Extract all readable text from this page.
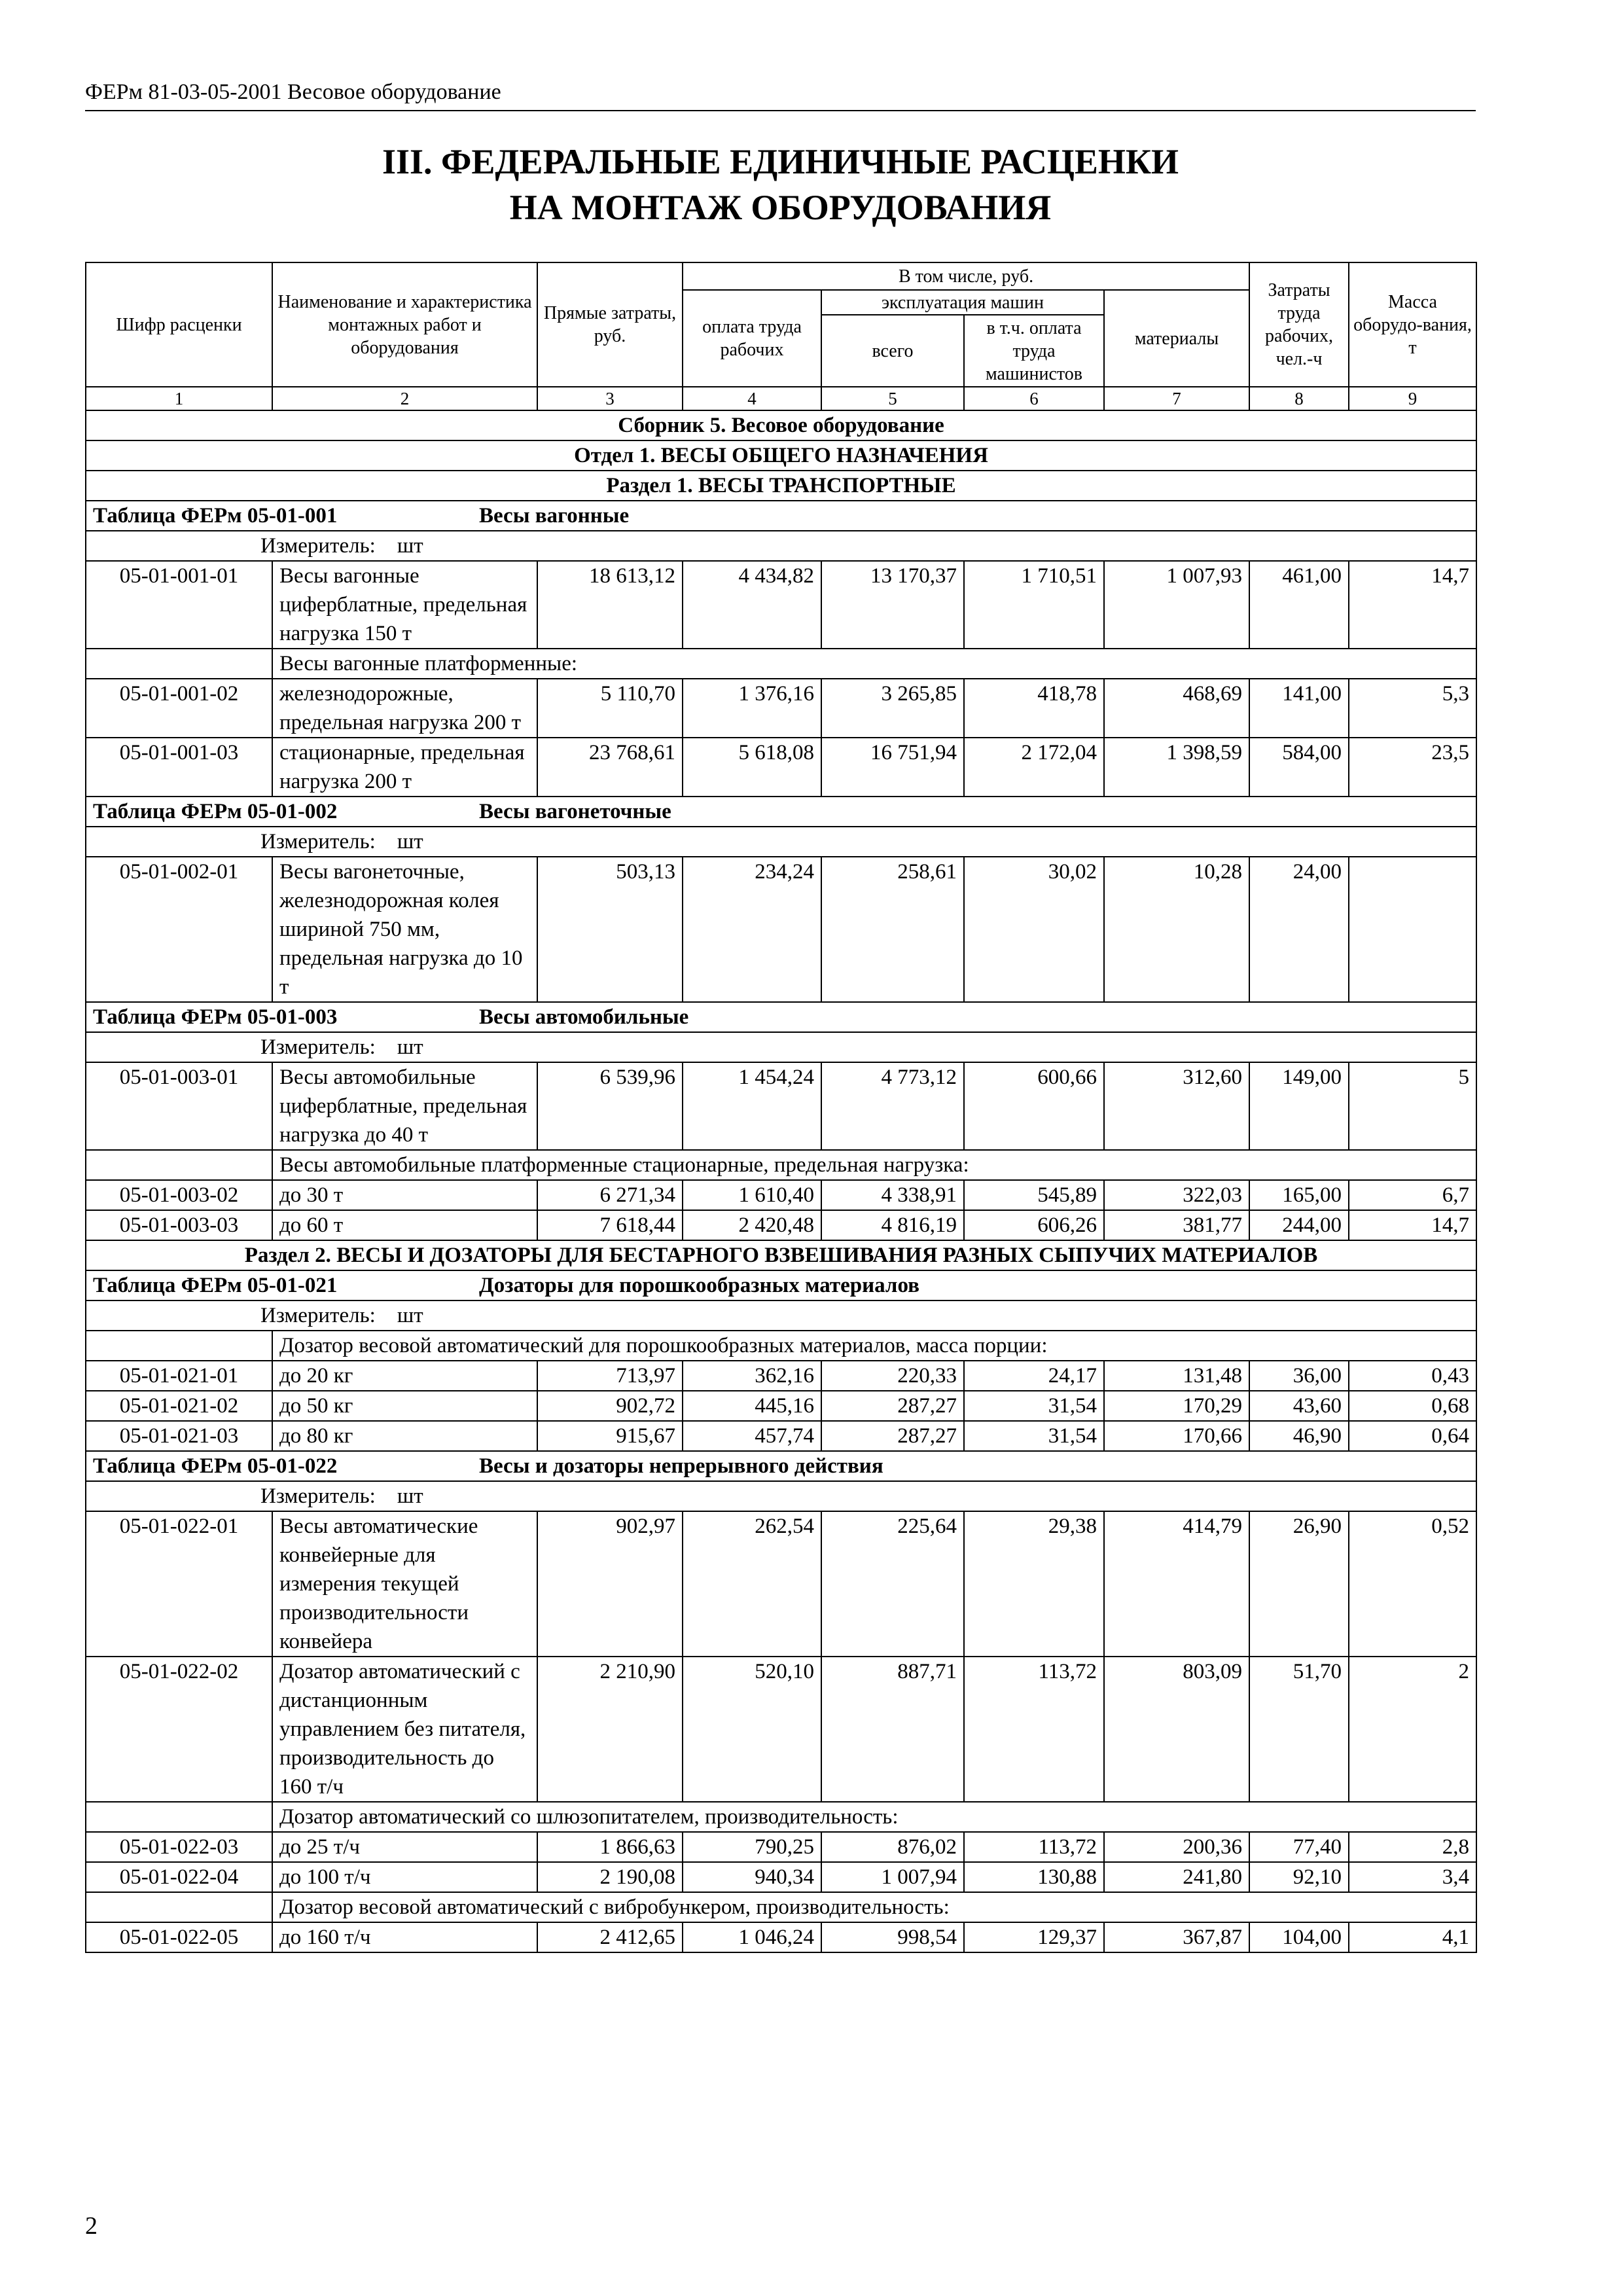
ФЕРм 81-03-05-2001 Весовое оборудование
III. ФЕДЕРАЛЬНЫЕ ЕДИНИЧНЫЕ РАСЦЕНКИ
НА МОНТАЖ ОБОРУДОВАНИЯ
Шифр расценки	Наименование и характеристика монтажных работ и оборудования	Прямые затраты, руб.	В том числе, руб.				Затраты труда рабочих, чел.-ч	Масса оборудо-вания, т
			оплата труда рабочих	эксплуатация машин		материалы		
				всего	в т.ч. оплата труда машинистов			
1	2	3	4	5	6	7	8	9
Сборник 5. Весовое оборудование								
Отдел 1. ВЕСЫ ОБЩЕГО НАЗНАЧЕНИЯ								
Раздел 1. ВЕСЫ ТРАНСПОРТНЫЕ								
Таблица ФЕРм 05-01-001 Весы вагонные								
Измеритель: шт								
05-01-001-01	Весы вагонные циферблатные, предельная нагрузка 150 т	18 613,12	4 434,82	13 170,37	1 710,51	1 007,93	461,00	14,7
	Весы вагонные платформенные:							
05-01-001-02	железнодорожные, предельная нагрузка 200 т	5 110,70	1 376,16	3 265,85	418,78	468,69	141,00	5,3
05-01-001-03	стационарные, предельная нагрузка 200 т	23 768,61	5 618,08	16 751,94	2 172,04	1 398,59	584,00	23,5
Таблица ФЕРм 05-01-002 Весы вагонеточные								
Измеритель: шт								
05-01-002-01	Весы вагонеточные, железнодорожная колея шириной 750 мм, предельная нагрузка до 10 т	503,13	234,24	258,61	30,02	10,28	24,00	
Таблица ФЕРм 05-01-003 Весы автомобильные								
Измеритель: шт								
05-01-003-01	Весы автомобильные циферблатные, предельная нагрузка до 40 т	6 539,96	1 454,24	4 773,12	600,66	312,60	149,00	5
	Весы автомобильные платформенные стационарные, предельная нагрузка:							
05-01-003-02	до 30 т	6 271,34	1 610,40	4 338,91	545,89	322,03	165,00	6,7
05-01-003-03	до 60 т	7 618,44	2 420,48	4 816,19	606,26	381,77	244,00	14,7
Раздел 2. ВЕСЫ И ДОЗАТОРЫ ДЛЯ БЕСТАРНОГО ВЗВЕШИВАНИЯ РАЗНЫХ СЫПУЧИХ МАТЕРИАЛОВ								
Таблица ФЕРм 05-01-021 Дозаторы для порошкообразных материалов								
Измеритель: шт								
	Дозатор весовой автоматический для порошкообразных материалов, масса порции:							
05-01-021-01	до 20 кг	713,97	362,16	220,33	24,17	131,48	36,00	0,43
05-01-021-02	до 50 кг	902,72	445,16	287,27	31,54	170,29	43,60	0,68
05-01-021-03	до 80 кг	915,67	457,74	287,27	31,54	170,66	46,90	0,64
Таблица ФЕРм 05-01-022 Весы и дозаторы непрерывного действия								
Измеритель: шт								
05-01-022-01	Весы автоматические конвейерные для измерения текущей производительности конвейера	902,97	262,54	225,64	29,38	414,79	26,90	0,52
05-01-022-02	Дозатор автоматический с дистанционным управлением без питателя, производительность до 160 т/ч	2 210,90	520,10	887,71	113,72	803,09	51,70	2
	Дозатор автоматический со шлюзопитателем, производительность:							
05-01-022-03	до 25 т/ч	1 866,63	790,25	876,02	113,72	200,36	77,40	2,8
05-01-022-04	до 100 т/ч	2 190,08	940,34	1 007,94	130,88	241,80	92,10	3,4
	Дозатор весовой автоматический с вибробункером, производительность:							
05-01-022-05	до 160 т/ч	2 412,65	1 046,24	998,54	129,37	367,87	104,00	4,1
2
